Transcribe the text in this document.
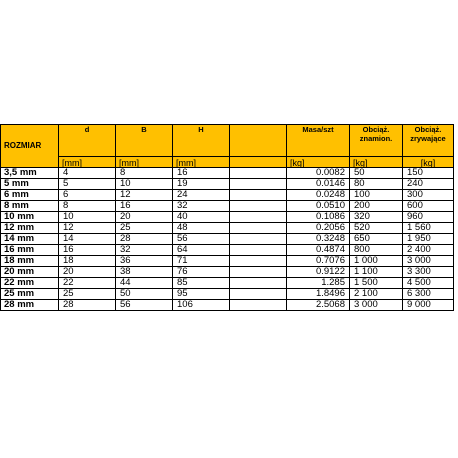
ROZMIAR	d	B	H		Masa/szt	Obciąż. znamion.	Obciąż. zrywające
	[mm]	[mm]	[mm]		[kg]	[kg]	[kg]
3,5 mm	4	8	16		0.0082	50	150
5 mm	5	10	19		0.0146	80	240
6 mm	6	12	24		0.0248	100	300
8 mm	8	16	32		0.0510	200	600
10 mm	10	20	40		0.1086	320	960
12 mm	12	25	48		0.2056	520	1 560
14 mm	14	28	56		0.3248	650	1 950
16 mm	16	32	64		0.4874	800	2 400
18 mm	18	36	71		0.7076	1 000	3 000
20 mm	20	38	76		0.9122	1 100	3 300
22 mm	22	44	85		1.285	1 500	4 500
25 mm	25	50	95		1.8496	2 100	6 300
28 mm	28	56	106		2.5068	3 000	9 000
